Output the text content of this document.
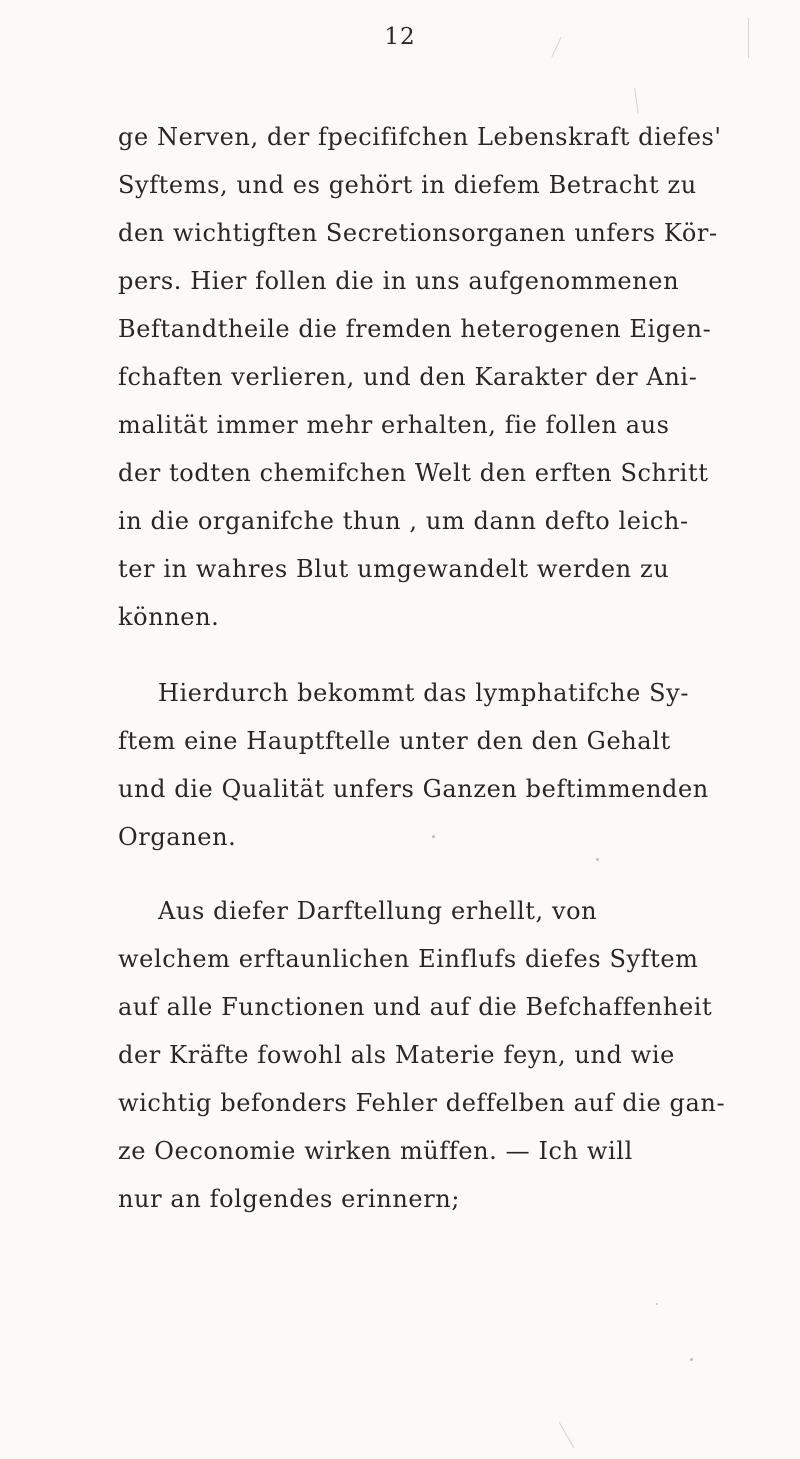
12
ge Nerven, der fpecififchen Lebenskraft diefes'
Syftems, und es gehört in diefem Betracht zu
den wichtigften Secretionsorganen unfers Kör-
pers. Hier follen die in uns aufgenommenen
Beftandtheile die fremden heterogenen Eigen-
fchaften verlieren, und den Karakter der Ani-
malität immer mehr erhalten, fie follen aus
der todten chemifchen Welt den erften Schritt
in die organifche thun , um dann defto leich-
ter in wahres Blut umgewandelt werden zu
können.
Hierdurch bekommt das lymphatifche Sy-
ftem eine Hauptftelle unter den den Gehalt
und die Qualität unfers Ganzen beftimmenden
Organen.
Aus diefer Darftellung erhellt, von
welchem erftaunlichen Einflufs diefes Syftem
auf alle Functionen und auf die Befchaffenheit
der Kräfte fowohl als Materie feyn, und wie
wichtig befonders Fehler deffelben auf die gan-
ze Oeconomie wirken müffen. — Ich will
nur an folgendes erinnern;
